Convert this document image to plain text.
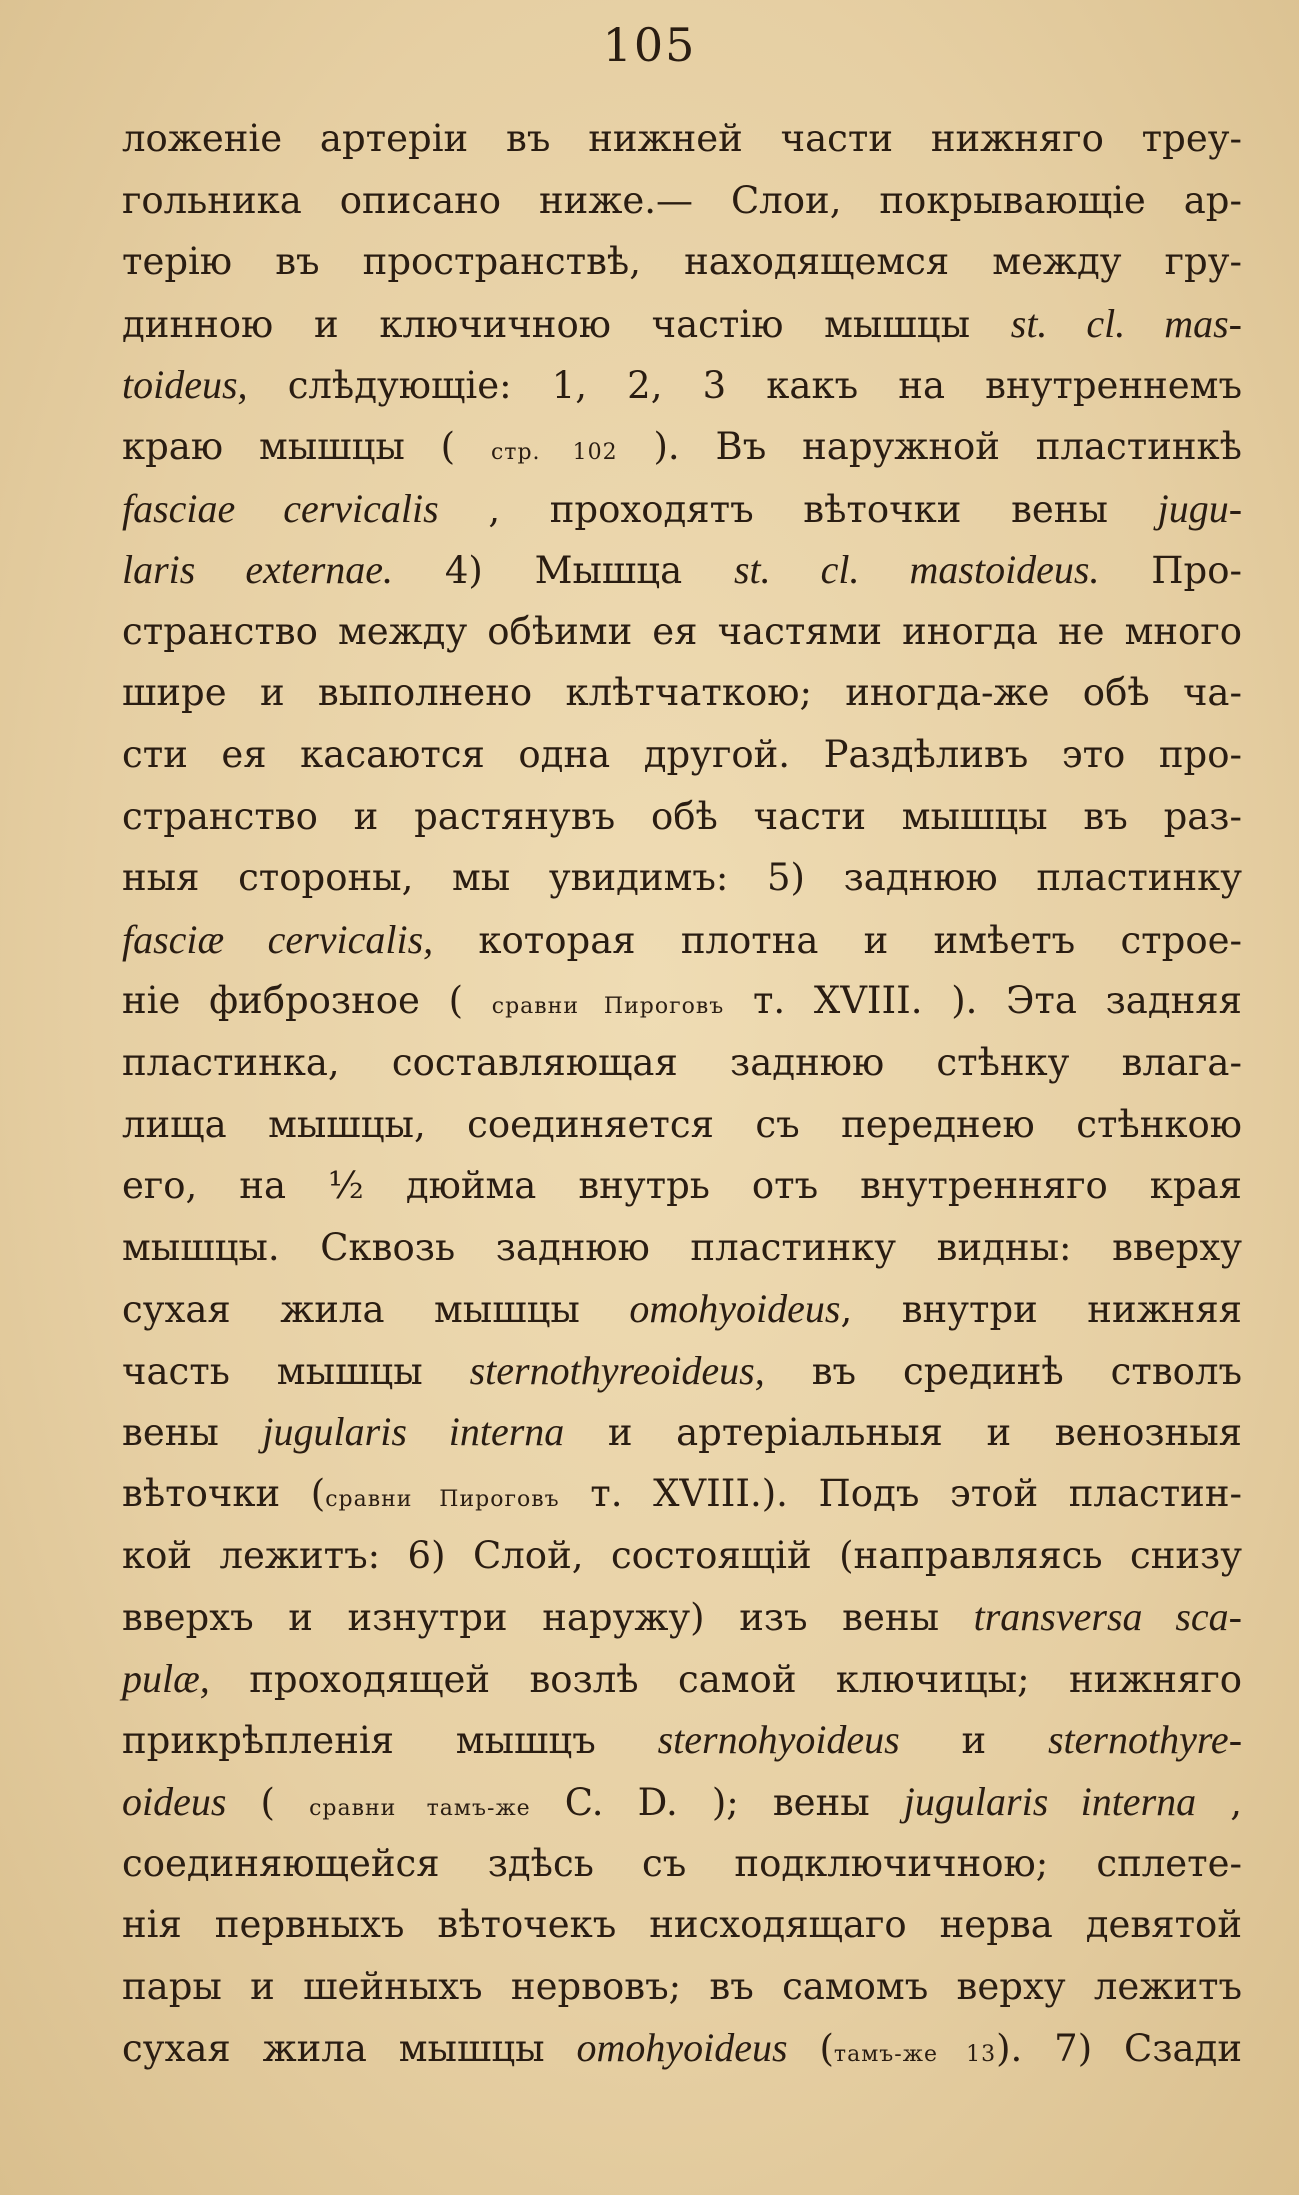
105
ложеніе артеріи въ нижней части нижняго треу-
гольника описано ниже.— Слои, покрывающіе ар-
терію въ пространствѣ, находящемся между гру-
динною и ключичною частію мышцы st. cl. mas-
toideus, слѣдующіе: 1, 2, 3 какъ на внутреннемъ
краю мышцы ( стр. 102 ). Въ наружной пластинкѣ
fasciae cervicalis , проходятъ вѣточки вены jugu-
laris externae. 4) Мышца st. cl. mastoideus. Про-
странство между обѣими ея частями иногда не много
шире и выполнено клѣтчаткою; иногда-же обѣ ча-
сти ея касаются одна другой. Раздѣливъ это про-
странство и растянувъ обѣ части мышцы въ раз-
ныя стороны, мы увидимъ: 5) заднюю пластинку
fasciæ cervicalis, которая плотна и имѣетъ строе-
ніе фиброзное ( сравни Пироговъ т. XVIII. ). Эта задняя
пластинка, составляющая заднюю стѣнку влага-
лища мышцы, соединяется съ переднею стѣнкою
его, на ½ дюйма внутрь отъ внутренняго края
мышцы. Сквозь заднюю пластинку видны: вверху
сухая жила мышцы omohyoideus, внутри нижняя
часть мышцы sternothyreoideus, въ срединѣ стволъ
вены jugularis interna и артеріальныя и венозныя
вѣточки (сравни Пироговъ т. XVIII.). Подъ этой пластин-
кой лежитъ: 6) Слой, состоящій (направляясь снизу
вверхъ и изнутри наружу) изъ вены transversa sca-
pulæ, проходящей возлѣ самой ключицы; нижняго
прикрѣпленія мышцъ sternohyoideus и sternothyre-
oideus ( сравни тамъ-же C. D. ); вены jugularis interna ,
соединяющейся здѣсь съ подключичною; сплете-
нія первныхъ вѣточекъ нисходящаго нерва девятой
пары и шейныхъ нервовъ; въ самомъ верху лежитъ
сухая жила мышцы omohyoideus (тамъ-же 13). 7) Сзади
